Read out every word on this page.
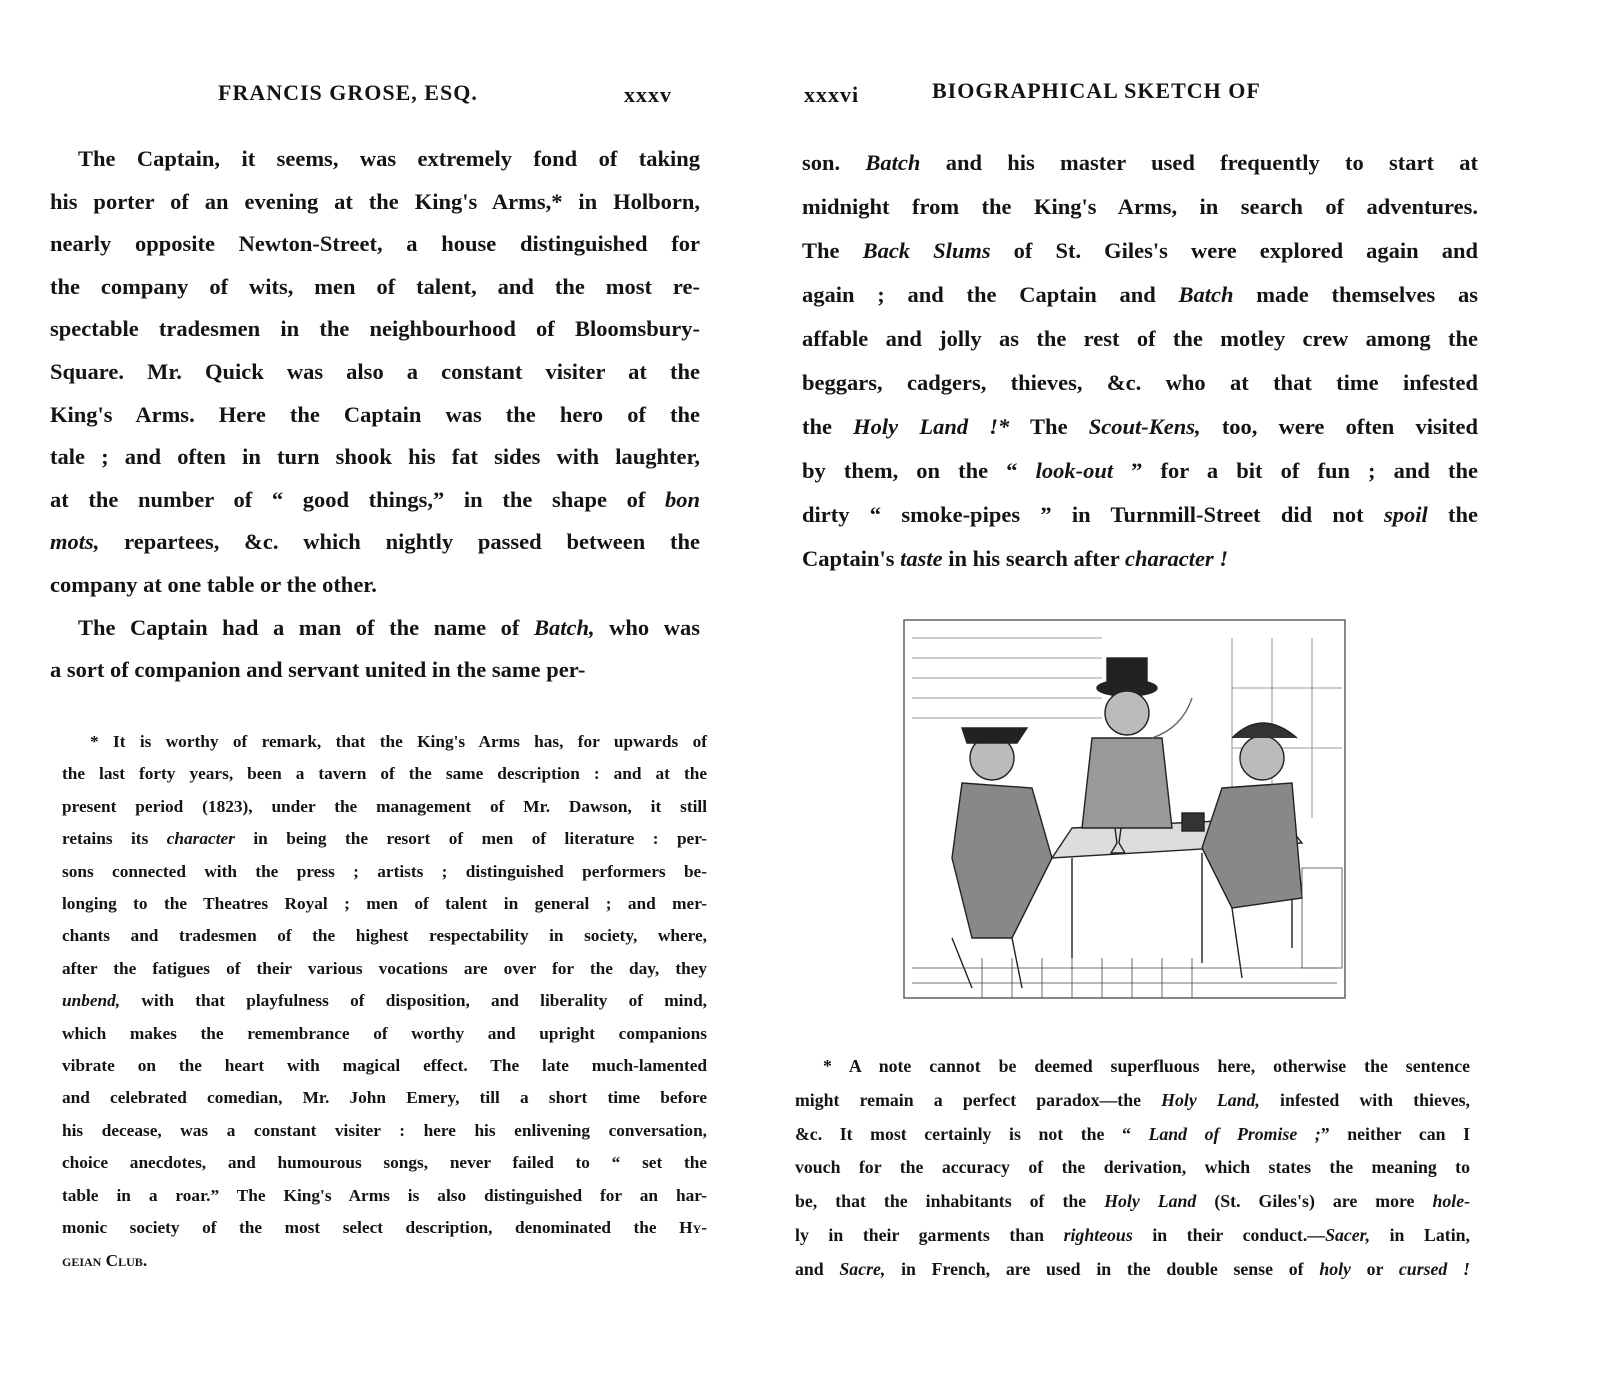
FRANCIS GROSE, ESQ.	xxxv
The Captain, it seems, was extremely fond of taking
his porter of an evening at the King's Arms,* in Holborn,
nearly opposite Newton-Street, a house distinguished for
the company of wits, men of talent, and the most re-
spectable tradesmen in the neighbourhood of Bloomsbury-
Square. Mr. Quick was also a constant visiter at the
King's Arms. Here the Captain was the hero of the
tale ; and often in turn shook his fat sides with laughter,
at the number of “ good things,” in the shape of bon
mots, repartees, &c. which nightly passed between the
company at one table or the other.
The Captain had a man of the name of Batch, who was
a sort of companion and servant united in the same per-
* It is worthy of remark, that the King's Arms has, for upwards of
the last forty years, been a tavern of the same description : and at the
present period (1823), under the management of Mr. Dawson, it still
retains its character in being the resort of men of literature : per-
sons connected with the press ; artists ; distinguished performers be-
longing to the Theatres Royal ; men of talent in general ; and mer-
chants and tradesmen of the highest respectability in society, where,
after the fatigues of their various vocations are over for the day, they
unbend, with that playfulness of disposition, and liberality of mind,
which makes the remembrance of worthy and upright companions
vibrate on the heart with magical effect. The late much-lamented
and celebrated comedian, Mr. John Emery, till a short time before
his decease, was a constant visiter : here his enlivening conversation,
choice anecdotes, and humourous songs, never failed to “ set the
table in a roar.” The King's Arms is also distinguished for an har-
monic society of the most select description, denominated the Hy-
geian Club.
xxxvi	BIOGRAPHICAL SKETCH OF
son. Batch and his master used frequently to start at
midnight from the King's Arms, in search of adventures.
The Back Slums of St. Giles's were explored again and
again ; and the Captain and Batch made themselves as
affable and jolly as the rest of the motley crew among the
beggars, cadgers, thieves, &c. who at that time infested
the Holy Land !* The Scout-Kens, too, were often visited
by them, on the “ look-out ” for a bit of fun ; and the
dirty “ smoke-pipes ” in Turnmill-Street did not spoil the
Captain's taste in his search after character !
* A note cannot be deemed superfluous here, otherwise the sentence
might remain a perfect paradox—the Holy Land, infested with thieves,
&c. It most certainly is not the “ Land of Promise ;” neither can I
vouch for the accuracy of the derivation, which states the meaning to
be, that the inhabitants of the Holy Land (St. Giles's) are more hole-
ly in their garments than righteous in their conduct.—Sacer, in Latin,
and Sacre, in French, are used in the double sense of holy or cursed !
